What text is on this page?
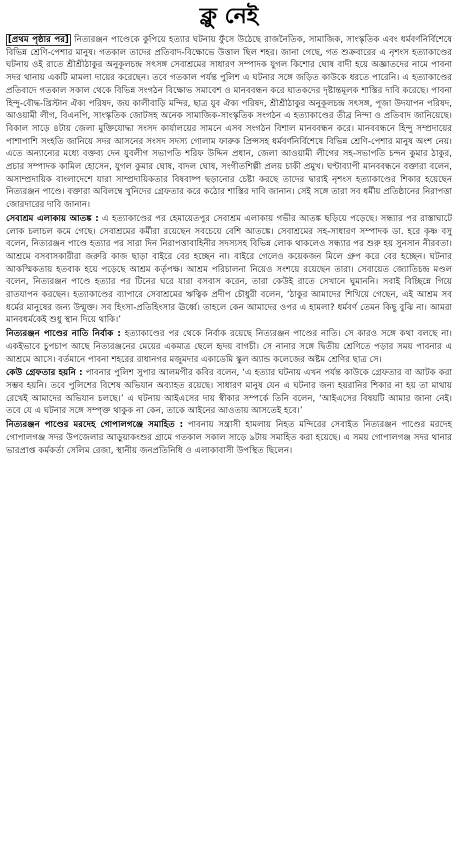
ক্লু নেই

[প্রথম পৃষ্ঠার পর] নিত্যরঞ্জন পাণ্ডেকে কুপিয়ে হত্যার ঘটনায় ফুঁসে উঠেছে রাজনৈতিক, সামাজিক, সাংস্কৃতিক এবং ধর্মবর্ণনির্বিশেষে বিভিন্ন শ্রেণি-পেশার মানুষ। গতকাল তাদের প্রতিবাদ-বিক্ষোভে উত্তাল ছিল শহর। জানা গেছে, গত শুক্রবারের এ নৃশংস হত্যাকাণ্ডের ঘটনায় ওই রাতে শ্রীশ্রীঠাকুর অনুকূলচন্দ্র সৎসঙ্গ সেবাশ্রমের সাধারণ সম্পাদক যুগল কিশোর ঘোষ বাদী হয়ে অজ্ঞাতদের নামে পাবনা সদর থানায় একটি মামলা দায়ের করেছেন। তবে গতকাল পর্যন্ত পুলিশ এ ঘটনার সঙ্গে জড়িত কাউকে ধরতে পারেনি। এ হত্যাকাণ্ডের প্রতিবাদে গতকাল সকাল থেকে বিভিন্ন সংগঠন বিক্ষোভ সমাবেশ ও মানববন্ধন করে ঘাতকদের দৃষ্টান্তমূলক শাস্তির দাবি করেছে। পাবনা হিন্দু-বৌদ্ধ-খ্রিস্টান ঐক্য পরিষদ, জয় কালীবাড়ি মন্দির, ছাত্র যুব ঐক্য পরিষদ, শ্রীশ্রীঠাকুর অনুকূলচন্দ্র সৎসঙ্গ, পূজা উদযাপন পরিষদ, আওয়ামী লীগ, বিএনপি, সাংস্কৃতিক জোটসহ অনেক সামাজিক-সাংস্কৃতিক সংগঠন এ হত্যাকাণ্ডের তীব্র নিন্দা ও প্রতিবাদ জানিয়েছে। বিকাল সাড়ে ৪টায় জেলা মুক্তিযোদ্ধা সংসদ কার্যালয়ের সামনে এসব সংগঠন বিশাল মানববন্ধন করে। মানববন্ধনে হিন্দু সম্প্রদায়ের পাশাপাশি সংহতি জানিয়ে সদর আসনের সংসদ সদস্য গোলাম ফারুক প্রিন্সসহ ধর্মবর্ণনির্বিশেষে বিভিন্ন শ্রেণি-পেশার মানুষ অংশ নেয়। এতে অন্যান্যের মধ্যে বক্তব্য দেন যুবলীগ সভাপতি শরিফ উদ্দিন প্রধান, জেলা আওয়ামী লীগের সহ-সভাপতি চন্দন কুমার ঠাকুর, প্রচার সম্পাদক কামিল হোসেন, যুগল কুমার ঘোষ, বাদল ঘোষ, সংগীতশিল্পী প্রলয় চাকী প্রমুখ। ঘণ্টাব্যাপী মানববন্ধনে বক্তারা বলেন, অসাম্প্রদায়িক বাংলাদেশে যারা সাম্প্রদায়িকতার বিষবাষ্প ছড়ানোর চেষ্টা করছে তাদের দ্বারাই নৃশংস হত্যাকাণ্ডের শিকার হয়েছেন নিত্যরঞ্জন পাণ্ডে। বক্তারা অবিলম্বে খুনিদের গ্রেফতার করে কঠোর শাস্তির দাবি জানান। সেই সঙ্গে তারা সব ধর্মীয় প্রতিষ্ঠানের নিরাপত্তা জোরদারের দাবি জানান।

সেবাশ্রম এলাকায় আতঙ্ক : এ হত্যাকাণ্ডের পর হেমায়েতপুর সেবাশ্রম এলাকায় গভীর আতঙ্ক ছড়িয়ে পড়েছে। সন্ধ্যার পর রাস্তাঘাটে লোক চলাচল কমে গেছে। সেবাশ্রমের কর্মীরা রয়েছেন সবচেয়ে বেশি আতঙ্কে। সেবাশ্রমের সহ-সাধারণ সম্পাদক ডা. হরে কৃষ্ণ বসু বলেন, নিত্যরঞ্জন পাণ্ডে হত্যার পর সারা দিন নিরাপত্তাবাহিনীর সদস্যসহ বিভিন্ন লোক থাকলেও সন্ধ্যার পর শুরু হয় সুনসান নীরবতা। আশ্রমে বসবাসকারীরা জরুরি কাজ ছাড়া বাইরে বের হচ্ছেন না। বাইরে গেলেও কয়েকজন মিলে গ্রুপ করে বের হচ্ছেন। ঘটনার আকস্মিকতায় হতবাক হয়ে পড়েছে আশ্রম কর্তৃপক্ষ। আশ্রম পরিচালনা নিয়েও সংশয়ে রয়েছেন তারা। সেবায়েত জ্যোতিচন্দ্র মণ্ডল বলেন, নিত্যরঞ্জন পাণ্ডে হত্যার পর টিনের ঘরে যারা বসবাস করেন, তারা কেউই রাতে সেখানে ঘুমাননি। সবাই বিচ্ছিন্নে গিয়ে রাতযাপন করছেন। হত্যাকাণ্ডের ব্যাপারে সেবাশ্রমের ঋত্বিক প্রদীপ চৌধুরী বলেন, ‘ঠাকুর আমাদের শিখিয়ে গেছেন, এই আশ্রম সব ধর্মের মানুষের জন্য উন্মুক্ত। সব হিংসা-প্রতিহিংসার ঊর্ধ্বে। তাহলে কেন আমাদের ওপর এ হামলা? ধর্মবর্ণ তেমন কিছু বুঝি না। আমরা মানবধর্মকেই শুধু স্থান দিয়ে থাকি।’

নিত্যরঞ্জন পাণ্ডের নাতি নির্বাক : হত্যাকাণ্ডের পর থেকে নির্বাক রয়েছে নিত্যরঞ্জন পাণ্ডের নাতি। সে কারও সঙ্গে কথা বলছে না। একইভাবে চুপচাপ আছে নিত্যরঞ্জনের মেয়ের একমাত্র ছেলে হৃদয় বাগচী। সে নানার সঙ্গে দ্বিতীয় শ্রেণিতে পড়ার সময় পাবনার এ আশ্রমে আসে। বর্তমানে পাবনা শহরের রাধানগর মজুমদার একাডেমি স্কুল অ্যান্ড কলেজের অষ্টম শ্রেণির ছাত্র সে।

কেউ গ্রেফতার হয়নি : পাবনার পুলিশ সুপার আলমগীর কবির বলেন, ‘এ হত্যার ঘটনায় এখন পর্যন্ত কাউকে গ্রেফতার বা আটক করা সম্ভব হয়নি। তবে পুলিশের বিশেষ অভিযান অব্যাহত রয়েছে। সাধারণ মানুষ যেন এ ঘটনার জন্য হয়রানির শিকার না হয় তা মাথায় রেখেই আমাদের অভিযান চলছে।’ এ ঘটনায় আইএসের দায় স্বীকার সম্পর্কে তিনি বলেন, ‘আইএসের বিষয়টি আমার জানা নেই। তবে যে এ ঘটনার সঙ্গে সম্পৃক্ত থাকুক না কেন, তাকে আইনের আওতায় আসতেই হবে।’

নিত্যরঞ্জন পাণ্ডের মরদেহ গোপালগঞ্জে সমাহিত : পাবনায় সন্ত্রাসী হামলায় নিহত মন্দিরের সেবাইত নিত্যরঞ্জন পাণ্ডের মরদেহ গোপালগঞ্জ সদর উপজেলার আড়ুয়াকংশুর গ্রামে গতকাল সকাল সাড়ে ৯টায় সমাহিত করা হয়েছে। এ সময় গোপালগঞ্জ সদর থানার ভারপ্রাপ্ত কর্মকর্তা সেলিম রেজা, স্থানীয় জনপ্রতিনিধি ও এলাকাবাসী উপস্থিত ছিলেন।
